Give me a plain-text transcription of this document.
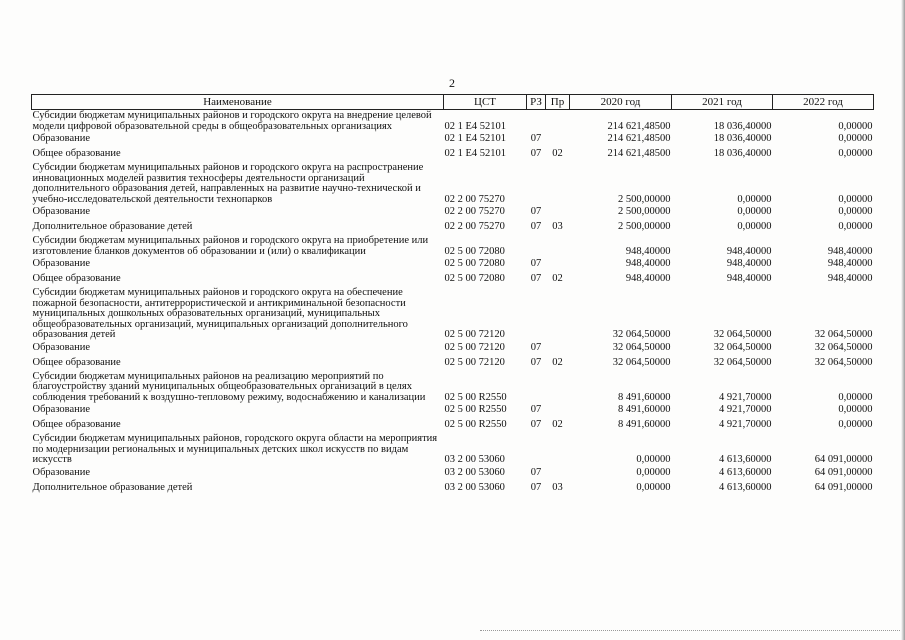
2
Наименование	ЦСТ	РЗ	Пр	2020 год	2021 год	2022 год
Субсидии бюджетам муниципальных районов и городского округа на внедрение целевой модели цифровой образовательной среды в общеобразовательных организациях	02 1 Е4 52101			214 621,48500	18 036,40000	0,00000
Образование	02 1 Е4 52101	07		214 621,48500	18 036,40000	0,00000
Общее образование	02 1 Е4 52101	07	02	214 621,48500	18 036,40000	0,00000
Субсидии бюджетам муниципальных районов и городского округа на распространение инновационных моделей развития техносферы деятельности организаций дополнительного образования детей, направленных на развитие научно-технической и учебно-исследовательской деятельности технопарков	02 2 00 75270			2 500,00000	0,00000	0,00000
Образование	02 2 00 75270	07		2 500,00000	0,00000	0,00000
Дополнительное образование детей	02 2 00 75270	07	03	2 500,00000	0,00000	0,00000
Субсидии бюджетам муниципальных районов и городского округа на приобретение или изготовление бланков документов об образовании и (или) о квалификации	02 5 00 72080			948,40000	948,40000	948,40000
Образование	02 5 00 72080	07		948,40000	948,40000	948,40000
Общее образование	02 5 00 72080	07	02	948,40000	948,40000	948,40000
Субсидии бюджетам муниципальных районов и городского округа на обеспечение пожарной безопасности, антитеррористической и антикриминальной безопасности муниципальных дошкольных образовательных организаций, муниципальных общеобразовательных организаций, муниципальных организаций дополнительного образования детей	02 5 00 72120			32 064,50000	32 064,50000	32 064,50000
Образование	02 5 00 72120	07		32 064,50000	32 064,50000	32 064,50000
Общее образование	02 5 00 72120	07	02	32 064,50000	32 064,50000	32 064,50000
Субсидии бюджетам муниципальных районов на реализацию мероприятий по благоустройству зданий муниципальных общеобразовательных организаций в целях соблюдения требований к воздушно-тепловому режиму, водоснабжению и канализации	02 5 00 R2550			8 491,60000	4 921,70000	0,00000
Образование	02 5 00 R2550	07		8 491,60000	4 921,70000	0,00000
Общее образование	02 5 00 R2550	07	02	8 491,60000	4 921,70000	0,00000
Субсидии бюджетам муниципальных районов, городского округа области на мероприятия по модернизации региональных и муниципальных детских школ искусств по видам искусств	03 2 00 53060			0,00000	4 613,60000	64 091,00000
Образование	03 2 00 53060	07		0,00000	4 613,60000	64 091,00000
Дополнительное образование детей	03 2 00 53060	07	03	0,00000	4 613,60000	64 091,00000
